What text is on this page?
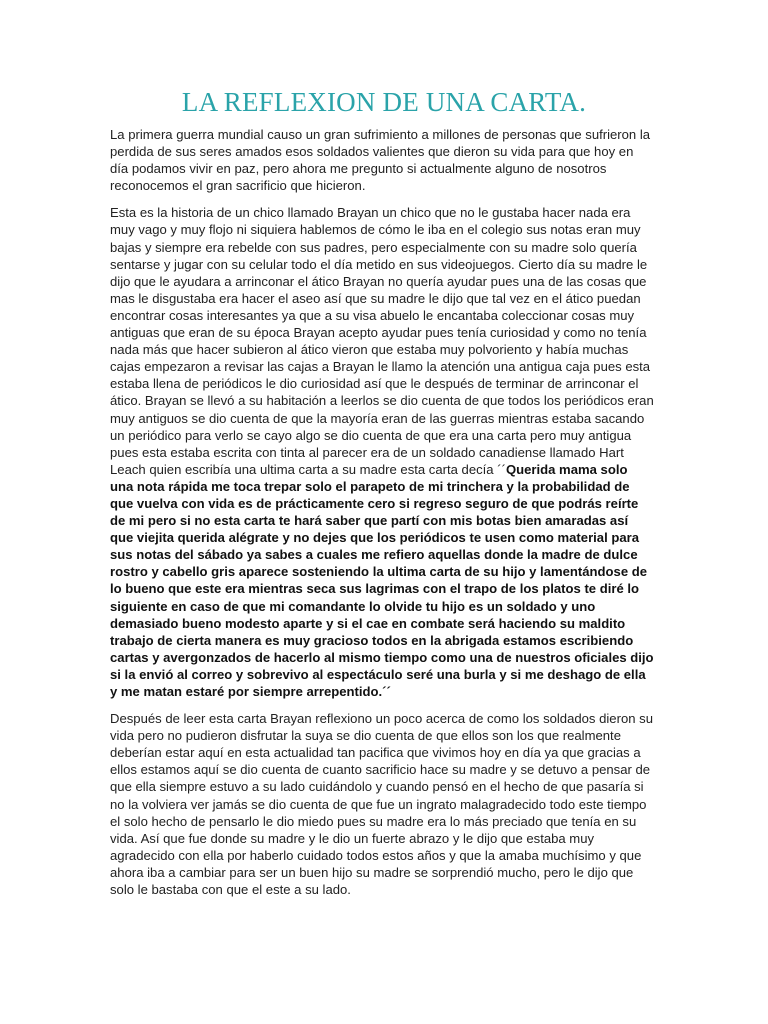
LA REFLEXION DE UNA CARTA.

La primera guerra mundial causo un gran sufrimiento a millones de personas que sufrieron la perdida de sus seres amados esos soldados valientes que dieron su vida para que hoy en día podamos vivir en paz, pero ahora me pregunto si actualmente alguno de nosotros reconocemos el gran sacrificio que hicieron.

Esta es la historia de un chico llamado Brayan un chico que no le gustaba hacer nada era muy vago y muy flojo ni siquiera hablemos de cómo le iba en el colegio sus notas eran muy bajas y siempre era rebelde con sus padres, pero especialmente con su madre solo quería sentarse y jugar con su celular todo el día metido en sus videojuegos. Cierto día su madre le dijo que le ayudara a arrinconar el ático Brayan no quería ayudar pues una de las cosas que mas le disgustaba era hacer el aseo así que su madre le dijo que tal vez en el ático puedan encontrar cosas interesantes ya que a su visa abuelo le encantaba coleccionar cosas muy antiguas que eran de su época Brayan acepto ayudar pues tenía curiosidad y como no tenía nada más que hacer subieron al ático vieron que estaba muy polvoriento y había muchas cajas empezaron a revisar las cajas a Brayan le llamo la atención una antigua caja pues esta estaba llena de periódicos le dio curiosidad así que le después de terminar de arrinconar el ático. Brayan se llevó a su habitación a leerlos se dio cuenta de que todos los periódicos eran muy antiguos se dio cuenta de que la mayoría eran de las guerras mientras estaba sacando un periódico para verlo se cayo algo se dio cuenta de que era una carta pero muy antigua pues esta estaba escrita con tinta al parecer era de un soldado canadiense llamado Hart Leach quien escribía una ultima carta a su madre esta carta decía ´´Querida mama solo una nota rápida me toca trepar solo el parapeto de mi trinchera y la probabilidad de que vuelva con vida es de prácticamente cero si regreso seguro de que podrás reírte de mi pero si no esta carta te hará saber que partí con mis botas bien amaradas así que viejita querida alégrate y no dejes que los periódicos te usen como material para sus notas del sábado ya sabes a cuales me refiero aquellas donde la madre de dulce rostro y cabello gris aparece sosteniendo la ultima carta de su hijo y lamentándose de lo bueno que este era mientras seca sus lagrimas con el trapo de los platos te diré lo siguiente en caso de que mi comandante lo olvide tu hijo es un soldado y uno demasiado bueno modesto aparte y si el cae en combate será haciendo su maldito trabajo de cierta manera es muy gracioso todos en la abrigada estamos escribiendo cartas y avergonzados de hacerlo al mismo tiempo como una de nuestros oficiales dijo si la envió al correo y sobrevivo al espectáculo seré una burla y si me deshago de ella y me matan estaré por siempre arrepentido.´´

Después de leer esta carta Brayan reflexiono un poco acerca de como los soldados dieron su vida pero no pudieron disfrutar la suya se dio cuenta de que ellos son los que realmente deberían estar aquí en esta actualidad tan pacifica que vivimos hoy en día ya que gracias a ellos estamos aquí se dio cuenta de cuanto sacrificio hace su madre y se detuvo a pensar de que ella siempre estuvo a su lado cuidándolo y cuando pensó en el hecho de que pasaría si no la volviera ver jamás se dio cuenta de que fue un ingrato malagradecido todo este tiempo el solo hecho de pensarlo le dio miedo pues su madre era lo más preciado que tenía en su vida. Así que fue donde su madre y le dio un fuerte abrazo y le dijo que estaba muy agradecido con ella por haberlo cuidado todos estos años y que la amaba muchísimo y que ahora iba a cambiar para ser un buen hijo su madre se sorprendió mucho, pero le dijo que solo le bastaba con que el este a su lado.
